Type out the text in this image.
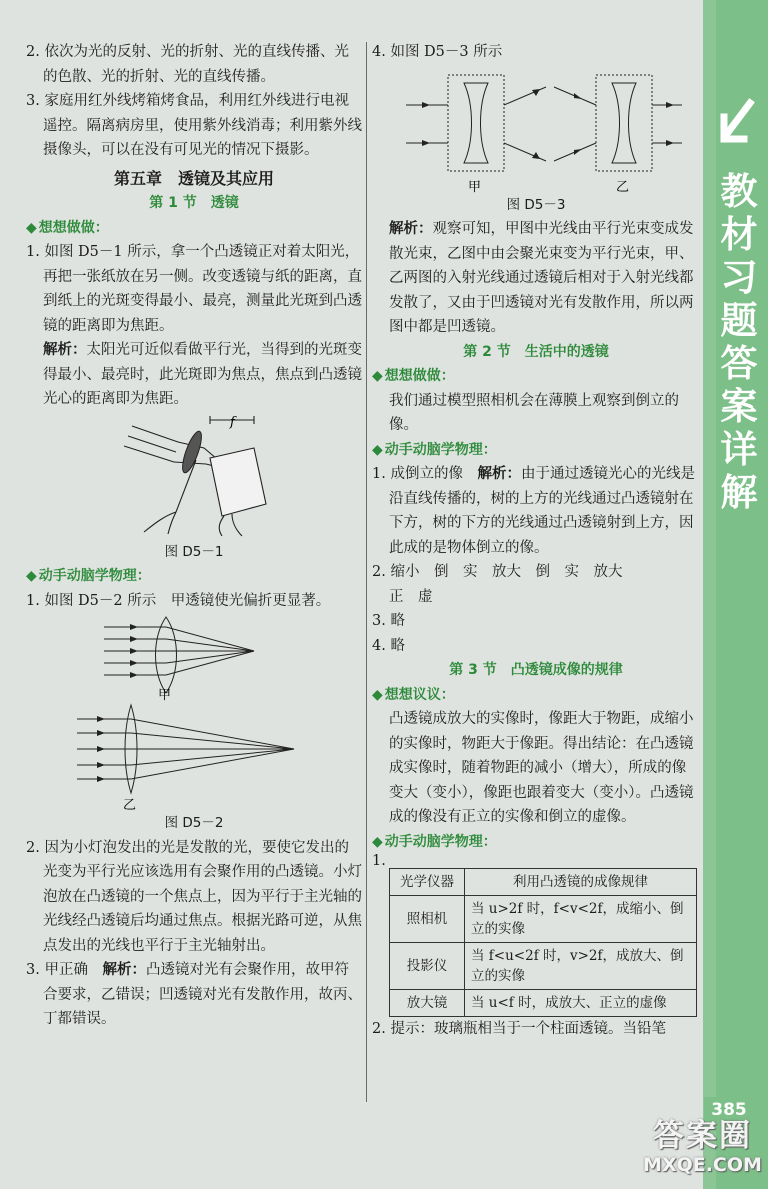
教
材
习
题
答
案
详
解
385
答案圈
MXQE.COM

2. 依次为光的反射、光的折射、光的直线传播、光的色散、光的折射、光的直线传播。

3. 家庭用红外线烤箱烤食品，利用红外线进行电视遥控。隔离病房里，使用紫外线消毒；利用紫外线摄像头，可以在没有可见光的情况下摄影。

第五章　透镜及其应用

第 1 节　透镜

◆ 想想做做：

1. 如图 D5－1 所示，拿一个凸透镜正对着太阳光，再把一张纸放在另一侧。改变透镜与纸的距离，直到纸上的光斑变得最小、最亮，测量此光斑到凸透镜的距离即为焦距。

解析：太阳光可近似看做平行光，当得到的光斑变得最小、最亮时，此光斑即为焦点，焦点到凸透镜光心的距离即为焦距。

f

图 D5－1

◆ 动手动脑学物理：

1. 如图 D5－2 所示　甲透镜使光偏折更显著。

甲
乙

图 D5－2

2. 因为小灯泡发出的光是发散的光，要使它发出的光变为平行光应该选用有会聚作用的凸透镜。小灯泡放在凸透镜的一个焦点上，因为平行于主光轴的光线经凸透镜后均通过焦点。根据光路可逆，从焦点发出的光线也平行于主光轴射出。

3. 甲正确　解析：凸透镜对光有会聚作用，故甲符合要求，乙错误；凹透镜对光有发散作用，故丙、丁都错误。

4. 如图 D5－3 所示

甲	乙

图 D5－3

解析：观察可知，甲图中光线由平行光束变成发散光束，乙图中由会聚光束变为平行光束，甲、乙两图的入射光线通过透镜后相对于入射光线都发散了，又由于凹透镜对光有发散作用，所以两图中都是凹透镜。

第 2 节　生活中的透镜

◆ 想想做做：

我们通过模型照相机会在薄膜上观察到倒立的像。

◆ 动手动脑学物理：

1. 成倒立的像　解析：由于通过透镜光心的光线是沿直线传播的，树的上方的光线通过凸透镜射在下方，树的下方的光线通过凸透镜射到上方，因此成的是物体倒立的像。

2. 缩小　倒　实　放大　倒　实　放大

正　虚

3. 略

4. 略

第 3 节　凸透镜成像的规律

◆ 想想议议：

凸透镜成放大的实像时，像距大于物距，成缩小的实像时，物距大于像距。得出结论：在凸透镜成实像时，随着物距的减小（增大），所成的像变大（变小），像距也跟着变大（变小）。凸透镜成的像没有正立的实像和倒立的虚像。

◆ 动手动脑学物理：

1.

光学仪器	利用凸透镜的成像规律
照相机	当 u>2f 时，f<v<2f，成缩小、倒立的实像
投影仪	当 f<u<2f 时，v>2f，成放大、倒立的实像
放大镜	当 u<f 时，成放大、正立的虚像

2. 提示：玻璃瓶相当于一个柱面透镜。当铅笔
